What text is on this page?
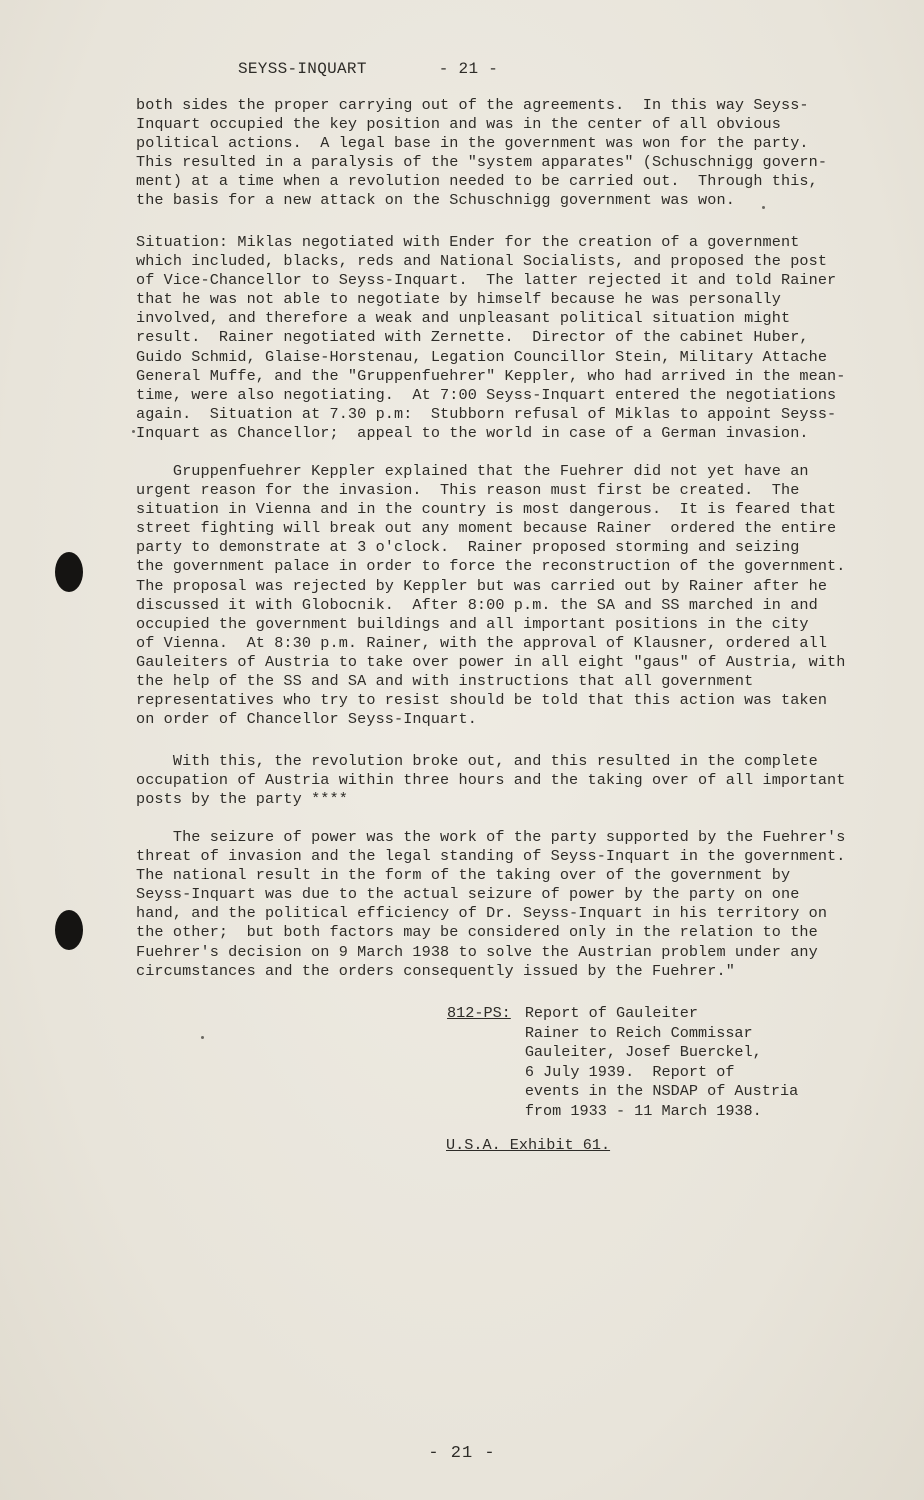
SEYSS-INQUART	- 21 -

both sides the proper carrying out of the agreements.  In this way Seyss-
Inquart occupied the key position and was in the center of all obvious
political actions.  A legal base in the government was won for the party.
This resulted in a paralysis of the "system apparates" (Schuschnigg govern-
ment) at a time when a revolution needed to be carried out.  Through this,
the basis for a new attack on the Schuschnigg government was won.

Situation: Miklas negotiated with Ender for the creation of a government
which included, blacks, reds and National Socialists, and proposed the post
of Vice-Chancellor to Seyss-Inquart.  The latter rejected it and told Rainer
that he was not able to negotiate by himself because he was personally
involved, and therefore a weak and unpleasant political situation might
result.  Rainer negotiated with Zernette.  Director of the cabinet Huber,
Guido Schmid, Glaise-Horstenau, Legation Councillor Stein, Military Attache
General Muffe, and the "Gruppenfuehrer" Keppler, who had arrived in the mean-
time, were also negotiating.  At 7:00 Seyss-Inquart entered the negotiations
again.  Situation at 7.30 p.m:  Stubborn refusal of Miklas to appoint Seyss-
Inquart as Chancellor;  appeal to the world in case of a German invasion.

Gruppenfuehrer Keppler explained that the Fuehrer did not yet have an
urgent reason for the invasion.  This reason must first be created.  The
situation in Vienna and in the country is most dangerous.  It is feared that
street fighting will break out any moment because Rainer  ordered the entire
party to demonstrate at 3 o'clock.  Rainer proposed storming and seizing
the government palace in order to force the reconstruction of the government.
The proposal was rejected by Keppler but was carried out by Rainer after he
discussed it with Globocnik.  After 8:00 p.m. the SA and SS marched in and
occupied the government buildings and all important positions in the city
of Vienna.  At 8:30 p.m. Rainer, with the approval of Klausner, ordered all
Gauleiters of Austria to take over power in all eight "gaus" of Austria, with
the help of the SS and SA and with instructions that all government
representatives who try to resist should be told that this action was taken
on order of Chancellor Seyss-Inquart.

With this, the revolution broke out, and this resulted in the complete
occupation of Austria within three hours and the taking over of all important
posts by the party ****

The seizure of power was the work of the party supported by the Fuehrer's
threat of invasion and the legal standing of Seyss-Inquart in the government.
The national result in the form of the taking over of the government by
Seyss-Inquart was due to the actual seizure of power by the party on one
hand, and the political efficiency of Dr. Seyss-Inquart in his territory on
the other;  but both factors may be considered only in the relation to the
Fuehrer's decision on 9 March 1938 to solve the Austrian problem under any
circumstances and the orders consequently issued by the Fuehrer."

812-PS: Report of Gauleiter
Rainer to Reich Commissar
Gauleiter, Josef Buerckel,
6 July 1939.  Report of
events in the NSDAP of Austria
from 1933 - 11 March 1938.
U.S.A. Exhibit 61.
- 21 -
